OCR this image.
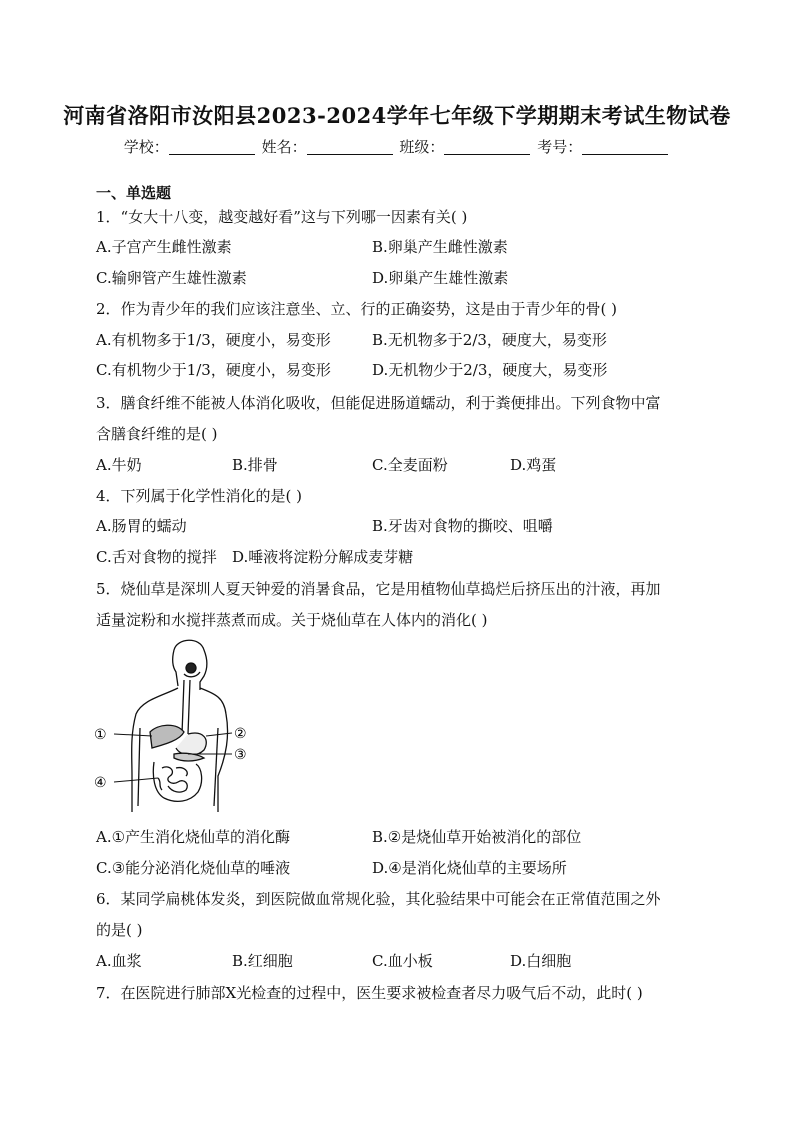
河南省洛阳市汝阳县2023-2024学年七年级下学期期末考试生物试卷
学校：	姓名：	班级：	考号：
一、单选题
1．“女大十八变，越变越好看”这与下列哪一因素有关( )
A.子宫产生雌性激素	B.卵巢产生雌性激素
C.输卵管产生雄性激素	D.卵巢产生雄性激素
2．作为青少年的我们应该注意坐、立、行的正确姿势，这是由于青少年的骨( )
A.有机物多于1/3，硬度小，易变形	B.无机物多于2/3，硬度大，易变形
C.有机物少于1/3，硬度小，易变形	D.无机物少于2/3，硬度大，易变形
3．膳食纤维不能被人体消化吸收，但能促进肠道蠕动，利于粪便排出。下列食物中富
含膳食纤维的是( )
A.牛奶	B.排骨	C.全麦面粉	D.鸡蛋
4．下列属于化学性消化的是( )
A.肠胃的蠕动	B.牙齿对食物的撕咬、咀嚼
C.舌对食物的搅拌 D.唾液将淀粉分解成麦芽糖
5．烧仙草是深圳人夏天钟爱的消暑食品，它是用植物仙草捣烂后挤压出的汁液，再加
适量淀粉和水搅拌蒸煮而成。关于烧仙草在人体内的消化( )
①	②
③
④
A.①产生消化烧仙草的消化酶	B.②是烧仙草开始被消化的部位
C.③能分泌消化烧仙草的唾液	D.④是消化烧仙草的主要场所
6．某同学扁桃体发炎，到医院做血常规化验，其化验结果中可能会在正常值范围之外
的是( )
A.血浆	B.红细胞	C.血小板	D.白细胞
7．在医院进行肺部X光检查的过程中，医生要求被检查者尽力吸气后不动，此时( )
